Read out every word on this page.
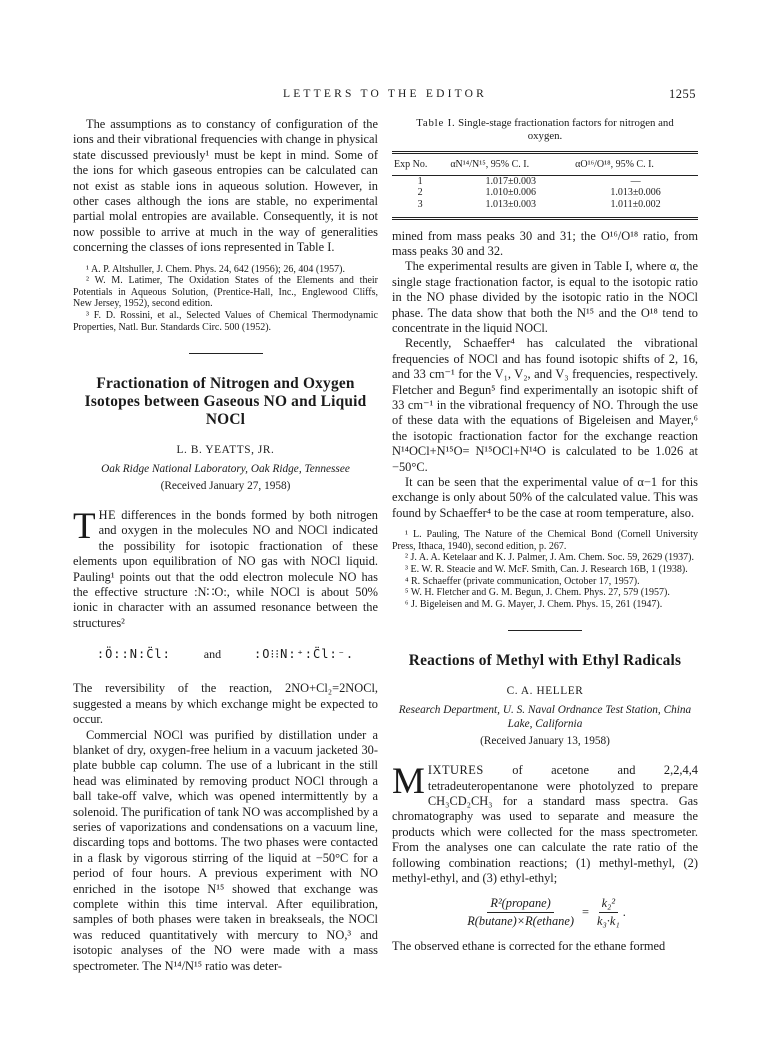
LETTERS TO THE EDITOR	1255

The assumptions as to constancy of configuration of the ions and their vibrational frequencies with change in physical state discussed previously¹ must be kept in mind. Some of the ions for which gaseous entropies can be calculated can not exist as stable ions in aqueous solution. However, in other cases although the ions are stable, no experimental partial molal entropies are available. Consequently, it is not now possible to arrive at much in the way of generalities concerning the classes of ions represented in Table I.

¹ A. P. Altshuller, J. Chem. Phys. 24, 642 (1956); 26, 404 (1957).

² W. M. Latimer, The Oxidation States of the Elements and their Potentials in Aqueous Solution, (Prentice-Hall, Inc., Englewood Cliffs, New Jersey, 1952), second edition.

³ F. D. Rossini, et al., Selected Values of Chemical Thermodynamic Properties, Natl. Bur. Standards Circ. 500 (1952).

Fractionation of Nitrogen and Oxygen Isotopes between Gaseous NO and Liquid NOCl
L. B. YEATTS, JR.
Oak Ridge National Laboratory, Oak Ridge, Tennessee
(Received January 27, 1958)

THE differences in the bonds formed by both nitrogen and oxygen in the molecules NO and NOCl indicated the possibility for isotopic fractionation of these elements upon equilibration of NO gas with NOCl liquid. Pauling¹ points out that the odd electron molecule NO has the effective structure :N∷O:, while NOCl is about 50% ionic in character with an assumed resonance between the structures²

:Ö::N:C̈l:	and	:O⁝⁝N:⁺:C̈l:⁻.

The reversibility of the reaction, 2NO+Cl₂=2NOCl, suggested a means by which exchange might be expected to occur.

Commercial NOCl was purified by distillation under a blanket of dry, oxygen-free helium in a vacuum jacketed 30-plate bubble cap column. The use of a lubricant in the still head was eliminated by removing product NOCl through a ball take-off valve, which was opened intermittently by a solenoid. The purification of tank NO was accomplished by a series of vaporizations and condensations on a vacuum line, discarding tops and bottoms. The two phases were contacted in a flask by vigorous stirring of the liquid at −50°C for a period of four hours. A previous experiment with NO enriched in the isotope N¹⁵ showed that exchange was complete within this time interval. After equilibration, samples of both phases were taken in breakseals, the NOCl was reduced quantitatively with mercury to NO,³ and isotopic analyses of the NO were made with a mass spectrometer. The N¹⁴/N¹⁵ ratio was deter-

Table I. Single-stage fractionation factors for nitrogen and oxygen.
Exp No.	αN¹⁴/N¹⁵, 95% C. I.	αO¹⁶/O¹⁸, 95% C. I.
1	1.017±0.003	—
2	1.010±0.006	1.013±0.006
3	1.013±0.003	1.011±0.002

mined from mass peaks 30 and 31; the O¹⁶/O¹⁸ ratio, from mass peaks 30 and 32.

The experimental results are given in Table I, where α, the single stage fractionation factor, is equal to the isotopic ratio in the NO phase divided by the isotopic ratio in the NOCl phase. The data show that both the N¹⁵ and the O¹⁸ tend to concentrate in the liquid NOCl.

Recently, Schaeffer⁴ has calculated the vibrational frequencies of NOCl and has found isotopic shifts of 2, 16, and 33 cm⁻¹ for the V₁, V₂, and V₃ frequencies, respectively. Fletcher and Begun⁵ find experimentally an isotopic shift of 33 cm⁻¹ in the vibrational frequency of NO. Through the use of these data with the equations of Bigeleisen and Mayer,⁶ the isotopic fractionation factor for the exchange reaction N¹⁴OCl+N¹⁵O= N¹⁵OCl+N¹⁴O is calculated to be 1.026 at −50°C.

It can be seen that the experimental value of α−1 for this exchange is only about 50% of the calculated value. This was found by Schaeffer⁴ to be the case at room temperature, also.

¹ L. Pauling, The Nature of the Chemical Bond (Cornell University Press, Ithaca, 1940), second edition, p. 267.

² J. A. A. Ketelaar and K. J. Palmer, J. Am. Chem. Soc. 59, 2629 (1937).

³ E. W. R. Steacie and W. McF. Smith, Can. J. Research 16B, 1 (1938).

⁴ R. Schaeffer (private communication, October 17, 1957).

⁵ W. H. Fletcher and G. M. Begun, J. Chem. Phys. 27, 579 (1957).

⁶ J. Bigeleisen and M. G. Mayer, J. Chem. Phys. 15, 261 (1947).

Reactions of Methyl with Ethyl Radicals
C. A. HELLER
Research Department, U. S. Naval Ordnance Test Station, China Lake, California
(Received January 13, 1958)

MIXTURES of acetone and 2,2,4,4 tetradeuteropentanone were photolyzed to prepare CH₃CD₂CH₃ for a standard mass spectra. Gas chromatography was used to separate and measure the products which were collected for the mass spectrometer. From the analyses one can calculate the rate ratio of the following combination reactions; (1) methyl-methyl, (2) methyl-ethyl, and (3) ethyl-ethyl;

$\frac{\text{R²(propane)}}{\text{R(butane)×R(ethane)}} = \frac{\text{k₂²}}{\text{k₃·k₁}}$ .

The observed ethane is corrected for the ethane formed
